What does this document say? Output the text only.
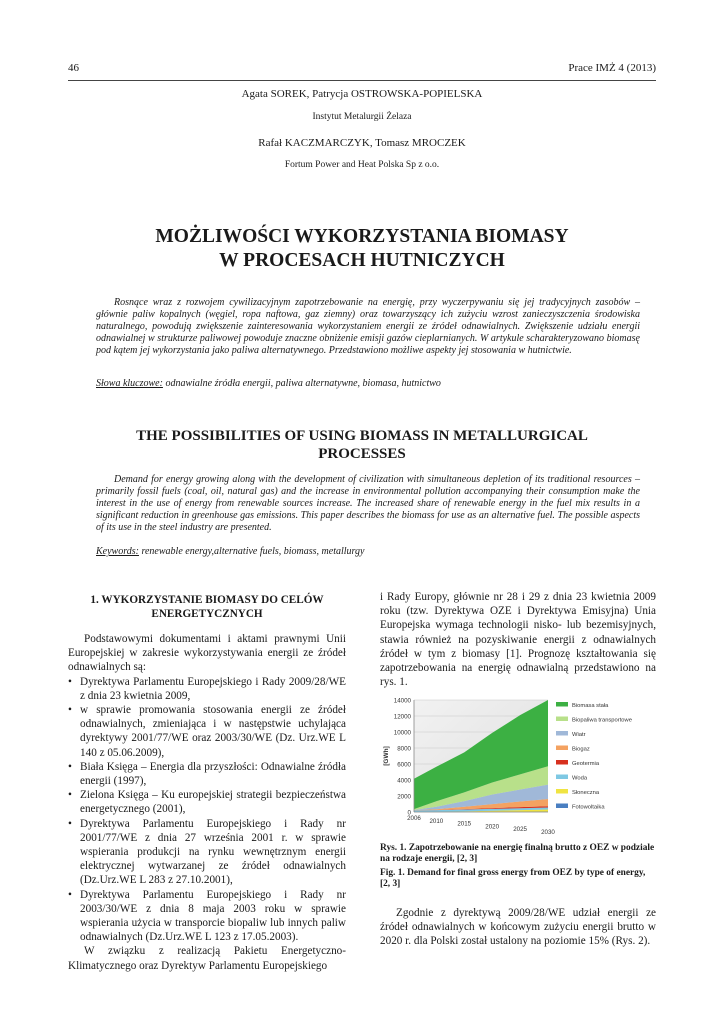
46	Prace IMŻ 4 (2013)
Agata SOREK, Patrycja OSTROWSKA-POPIELSKA
Instytut Metalurgii Żelaza
Rafał KACZMARCZYK, Tomasz MROCZEK
Fortum Power and Heat Polska Sp z o.o.
MOŻLIWOŚCI WYKORZYSTANIA BIOMASY
W PROCESACH HUTNICZYCH
Rosnące wraz z rozwojem cywilizacyjnym zapotrzebowanie na energię, przy wyczerpywaniu się jej tradycyjnych zasobów – głównie paliw kopalnych (węgiel, ropa naftowa, gaz ziemny) oraz towarzyszący ich zużyciu wzrost zanieczyszczenia środowiska naturalnego, powodują zwiększenie zainteresowania wykorzystaniem energii ze źródeł odnawialnych. Zwiększenie udziału energii odnawialnej w strukturze paliwowej powoduje znaczne obniżenie emisji gazów cieplarnianych. W artykule scharakteryzowano biomasę pod kątem jej wykorzystania jako paliwa alternatywnego. Przedstawiono możliwe aspekty jej stosowania w hutnictwie.
Słowa kluczowe: odnawialne źródła energii, paliwa alternatywne, biomasa, hutnictwo
THE POSSIBILITIES OF USING BIOMASS IN METALLURGICAL
PROCESSES
Demand for energy growing along with the development of civilization with simultaneous depletion of its traditional resources – primarily fossil fuels (coal, oil, natural gas) and the increase in environmental pollution accompanying their consumption make the interest in the use of energy from renewable sources increase. The increased share of renewable energy in the fuel mix results in a significant reduction in greenhouse gas emissions. This paper describes the biomass for use as an alternative fuel. The possible aspects of its use in the steel industry are presented.
Keywords: renewable energy,alternative fuels, biomass, metallurgy
1. WYKORZYSTANIE BIOMASY DO CELÓW
ENERGETYCZNYCH

Podstawowymi dokumentami i aktami prawnymi Unii Europejskiej w zakresie wykorzystywania energii ze źródeł odnawialnych są:

• Dyrektywa Parlamentu Europejskiego i Rady 2009/28/WE z dnia 23 kwietnia 2009,
• w sprawie promowania stosowania energii ze źródeł odnawialnych, zmieniająca i w następstwie uchylająca dyrektywy 2001/77/WE oraz 2003/30/WE (Dz. Urz.WE L 140 z 05.06.2009),
• Biała Księga – Energia dla przyszłości: Odnawialne źródła energii (1997),
• Zielona Księga – Ku europejskiej strategii bezpieczeństwa energetycznego (2001),
• Dyrektywa Parlamentu Europejskiego i Rady nr 2001/77/WE z dnia 27 września 2001 r. w sprawie wspierania produkcji na rynku wewnętrznym energii elektrycznej wytwarzanej ze źródeł odnawialnych (Dz.Urz.WE L 283 z 27.10.2001),
• Dyrektywa Parlamentu Europejskiego i Rady nr 2003/30/WE z dnia 8 maja 2003 roku w sprawie wspierania użycia w transporcie biopaliw lub innych paliw odnawialnych (Dz.Urz.WE L 123 z 17.05.2003).

W związku z realizacją Pakietu Energetyczno-Klimatycznego oraz Dyrektyw Parlamentu Europejskiego

i Rady Europy, głównie nr 28 i 29 z dnia 23 kwietnia 2009 roku (tzw. Dyrektywa OZE i Dyrektywa Emisyjna) Unia Europejska wymaga technologii nisko- lub bezemisyjnych, stawia również na pozyskiwanie energii z odnawialnych źródeł w tym z biomasy [1]. Prognozę kształtowania się zapotrzebowania na energię odnawialną przedstawiono na rys. 1.

0
2000
4000
6000
8000
10000
12000
14000
2006 2010 2015 2020 2025 2030
[GWh]
Biomasa stała
Biopaliwa transportowe
Wiatr
Biogaz
Geotermia
Woda
Słoneczna
Fotowoltaika
Rys. 1. Zapotrzebowanie na energię finalną brutto z OEZ w podziale na rodzaje energii, [2, 3]
Fig. 1. Demand for final gross energy from OEZ by type of energy, [2, 3]

Zgodnie z dyrektywą 2009/28/WE udział energii ze źródeł odnawialnych w końcowym zużyciu energii brutto w 2020 r. dla Polski został ustalony na poziomie 15% (Rys. 2).
